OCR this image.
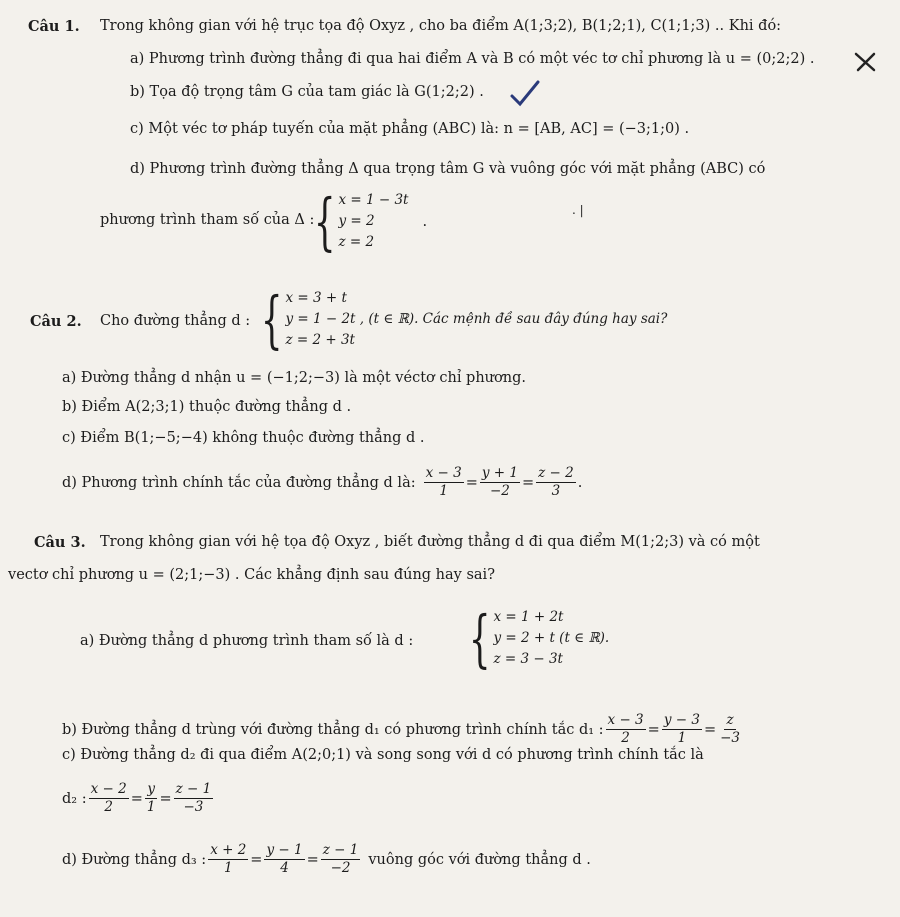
Câu 1. Trong không gian với hệ trục tọa độ Oxyz , cho ba điểm A(1;3;2), B(1;2;1), C(1;1;3) .. Khi đó:
a) Phương trình đường thẳng đi qua hai điểm A và B có một véc tơ chỉ phương là u = (0;2;2) .
b) Tọa độ trọng tâm G của tam giác là G(1;2;2) .
c) Một véc tơ pháp tuyến của mặt phẳng (ABC) là: n = [AB, AC] = (−3;1;0) .
d) Phương trình đường thẳng Δ qua trọng tâm G và vuông góc với mặt phẳng (ABC) có
phương trình tham số của Δ : { x = 1 − 3t
y = 2
z = 2
.
. |
Câu 2. Cho đường thẳng d : { x = 3 + t
y = 1 − 2t , (t ∈ ℝ). Các mệnh đề sau đây đúng hay sai?
z = 2 + 3t
a) Đường thẳng d nhận u = (−1;2;−3) là một véctơ chỉ phương.
b) Điểm A(2;3;1) thuộc đường thẳng d .
c) Điểm B(1;−5;−4) không thuộc đường thẳng d .
d) Phương trình chính tắc của đường thẳng d là: $\frac{x - 3}{1} = \frac{y + 1}{-2} = \frac{z - 2}{3}$ .
Câu 3. Trong không gian với hệ tọa độ Oxyz , biết đường thẳng d đi qua điểm M(1;2;3) và có một
vectơ chỉ phương u = (2;1;−3) . Các khẳng định sau đúng hay sai?
a) Đường thẳng d phương trình tham số là d : { x = 1 + 2t
y = 2 + t (t ∈ ℝ).
z = 3 − 3t
b) Đường thẳng d trùng với đường thẳng d₁ có phương trình chính tắc d₁ : $\frac{x - 3}{2} = \frac{y - 3}{1} = \frac{z}{-3}$
c) Đường thẳng d₂ đi qua điểm A(2;0;1) và song song với d có phương trình chính tắc là
d₂ : $\frac{x - 2}{2} = \frac{y}{1} = \frac{z - 1}{-3}$
d) Đường thẳng d₃ : $\frac{x + 2}{1} = \frac{y - 1}{4} = \frac{z - 1}{-2}$ vuông góc với đường thẳng d .
